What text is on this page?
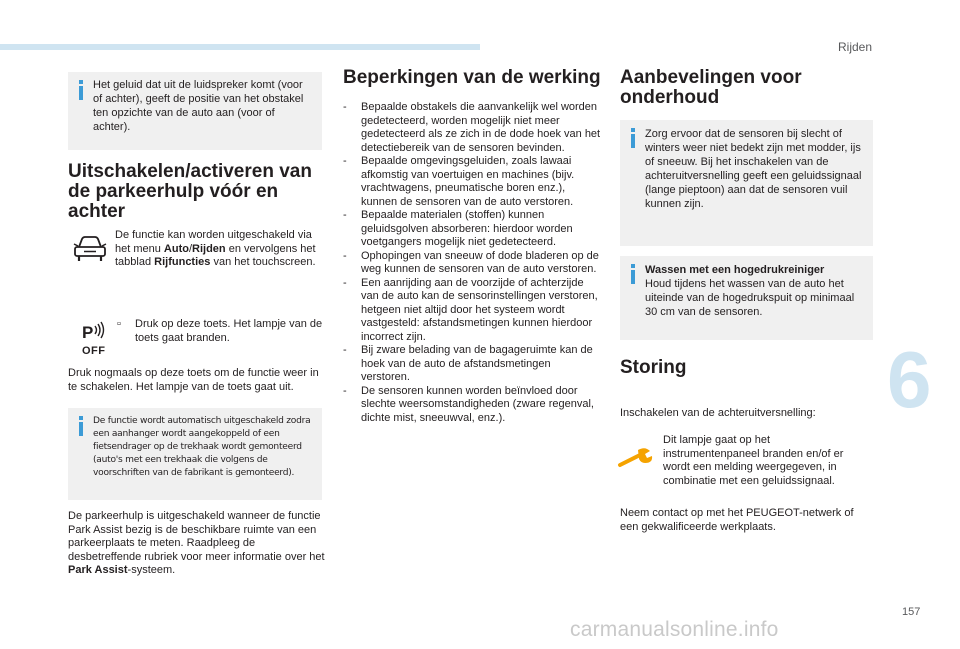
Rijden
6
157
carmanualsonline.info
Het geluid dat uit de luidspreker komt (voor of achter), geeft de positie van het obstakel ten opzichte van de auto aan (voor of achter).
Uitschakelen/activeren van de parkeerhulp vóór en achter
De functie kan worden uitgeschakeld via het menu Auto/Rijden en vervolgens het tabblad Rijfuncties van het touchscreen.
P
OFF
▫	Druk op deze toets. Het lampje van de toets gaat branden.
Druk nogmaals op deze toets om de functie weer in te schakelen. Het lampje van de toets gaat uit.
De functie wordt automatisch uitgeschakeld zodra een aanhanger wordt aangekoppeld of een fietsendrager op de trekhaak wordt gemonteerd (auto's met een trekhaak die volgens de voorschriften van de fabrikant is gemonteerd).
De parkeerhulp is uitgeschakeld wanneer de functie Park Assist bezig is de beschikbare ruimte van een parkeerplaats te meten. Raadpleeg de desbetreffende rubriek voor meer informatie over het Park Assist-systeem.
Beperkingen van de werking
- Bepaalde obstakels die aanvankelijk wel worden gedetecteerd, worden mogelijk niet meer gedetecteerd als ze zich in de dode hoek van het detectiebereik van de sensoren bevinden.
- Bepaalde omgevingsgeluiden, zoals lawaai afkomstig van voertuigen en machines (bijv. vrachtwagens, pneumatische boren enz.), kunnen de sensoren van de auto verstoren.
- Bepaalde materialen (stoffen) kunnen geluidsgolven absorberen: hierdoor worden voetgangers mogelijk niet gedetecteerd.
- Ophopingen van sneeuw of dode bladeren op de weg kunnen de sensoren van de auto verstoren.
- Een aanrijding aan de voorzijde of achterzijde van de auto kan de sensorinstellingen verstoren, hetgeen niet altijd door het systeem wordt vastgesteld: afstandsmetingen kunnen hierdoor incorrect zijn.
- Bij zware belading van de bagageruimte kan de hoek van de auto de afstandsmetingen verstoren.
- De sensoren kunnen worden beïnvloed door slechte weersomstandigheden (zware regenval, dichte mist, sneeuwval, enz.).
Aanbevelingen voor onderhoud
Zorg ervoor dat de sensoren bij slecht of winters weer niet bedekt zijn met modder, ijs of sneeuw. Bij het inschakelen van de achteruitversnelling geeft een geluidssignaal (lange pieptoon) aan dat de sensoren vuil kunnen zijn.
Wassen met een hogedrukreiniger
Houd tijdens het wassen van de auto het uiteinde van de hogedrukspuit op minimaal 30 cm van de sensoren.
Storing
Inschakelen van de achteruitversnelling:
Dit lampje gaat op het instrumentenpaneel branden en/of er wordt een melding weergegeven, in combinatie met een geluidssignaal.
Neem contact op met het PEUGEOT-netwerk of een gekwalificeerde werkplaats.
